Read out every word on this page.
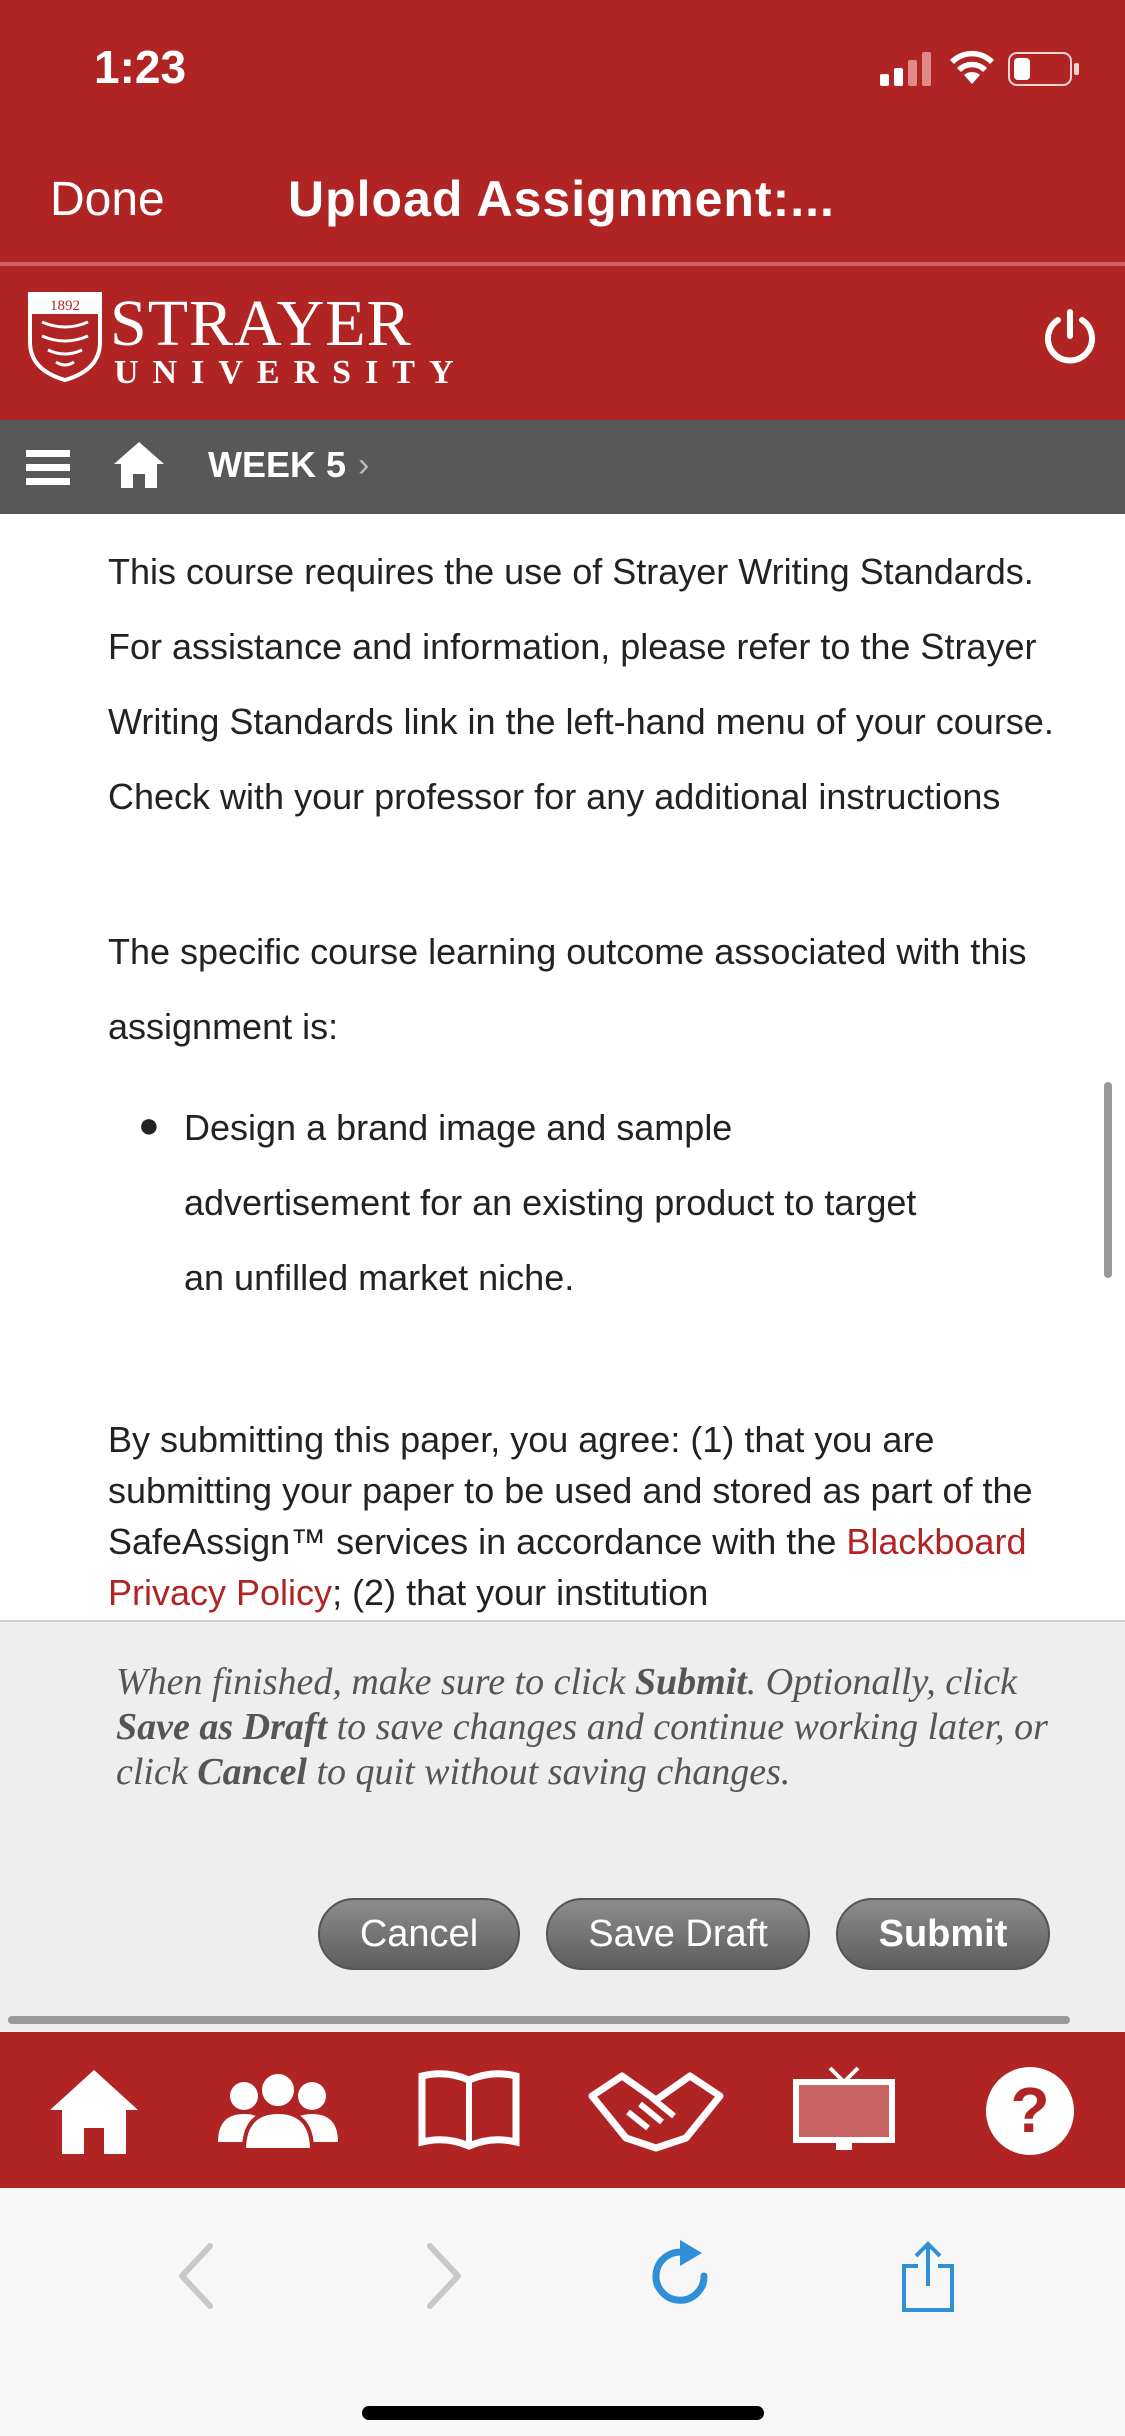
1:23
Done Upload Assignment:...
1892 STRAYER
UNIVERSITY
WEEK 5 ›

This course requires the use of Strayer Writing Standards. For assistance and information, please refer to the Strayer Writing Standards link in the left-hand menu of your course. Check with your professor for any additional instructions

The specific course learning outcome associated with this assignment is:

● Design a brand image and sample advertisement for an existing product to target an unfilled market niche.

By submitting this paper, you agree: (1) that you are submitting your paper to be used and stored as part of the SafeAssign™ services in accordance with the Blackboard Privacy Policy; (2) that your institution

When finished, make sure to click Submit. Optionally, click Save as Draft to save changes and continue working later, or click Cancel to quit without saving changes.
Cancel	Save Draft	Submit
?
